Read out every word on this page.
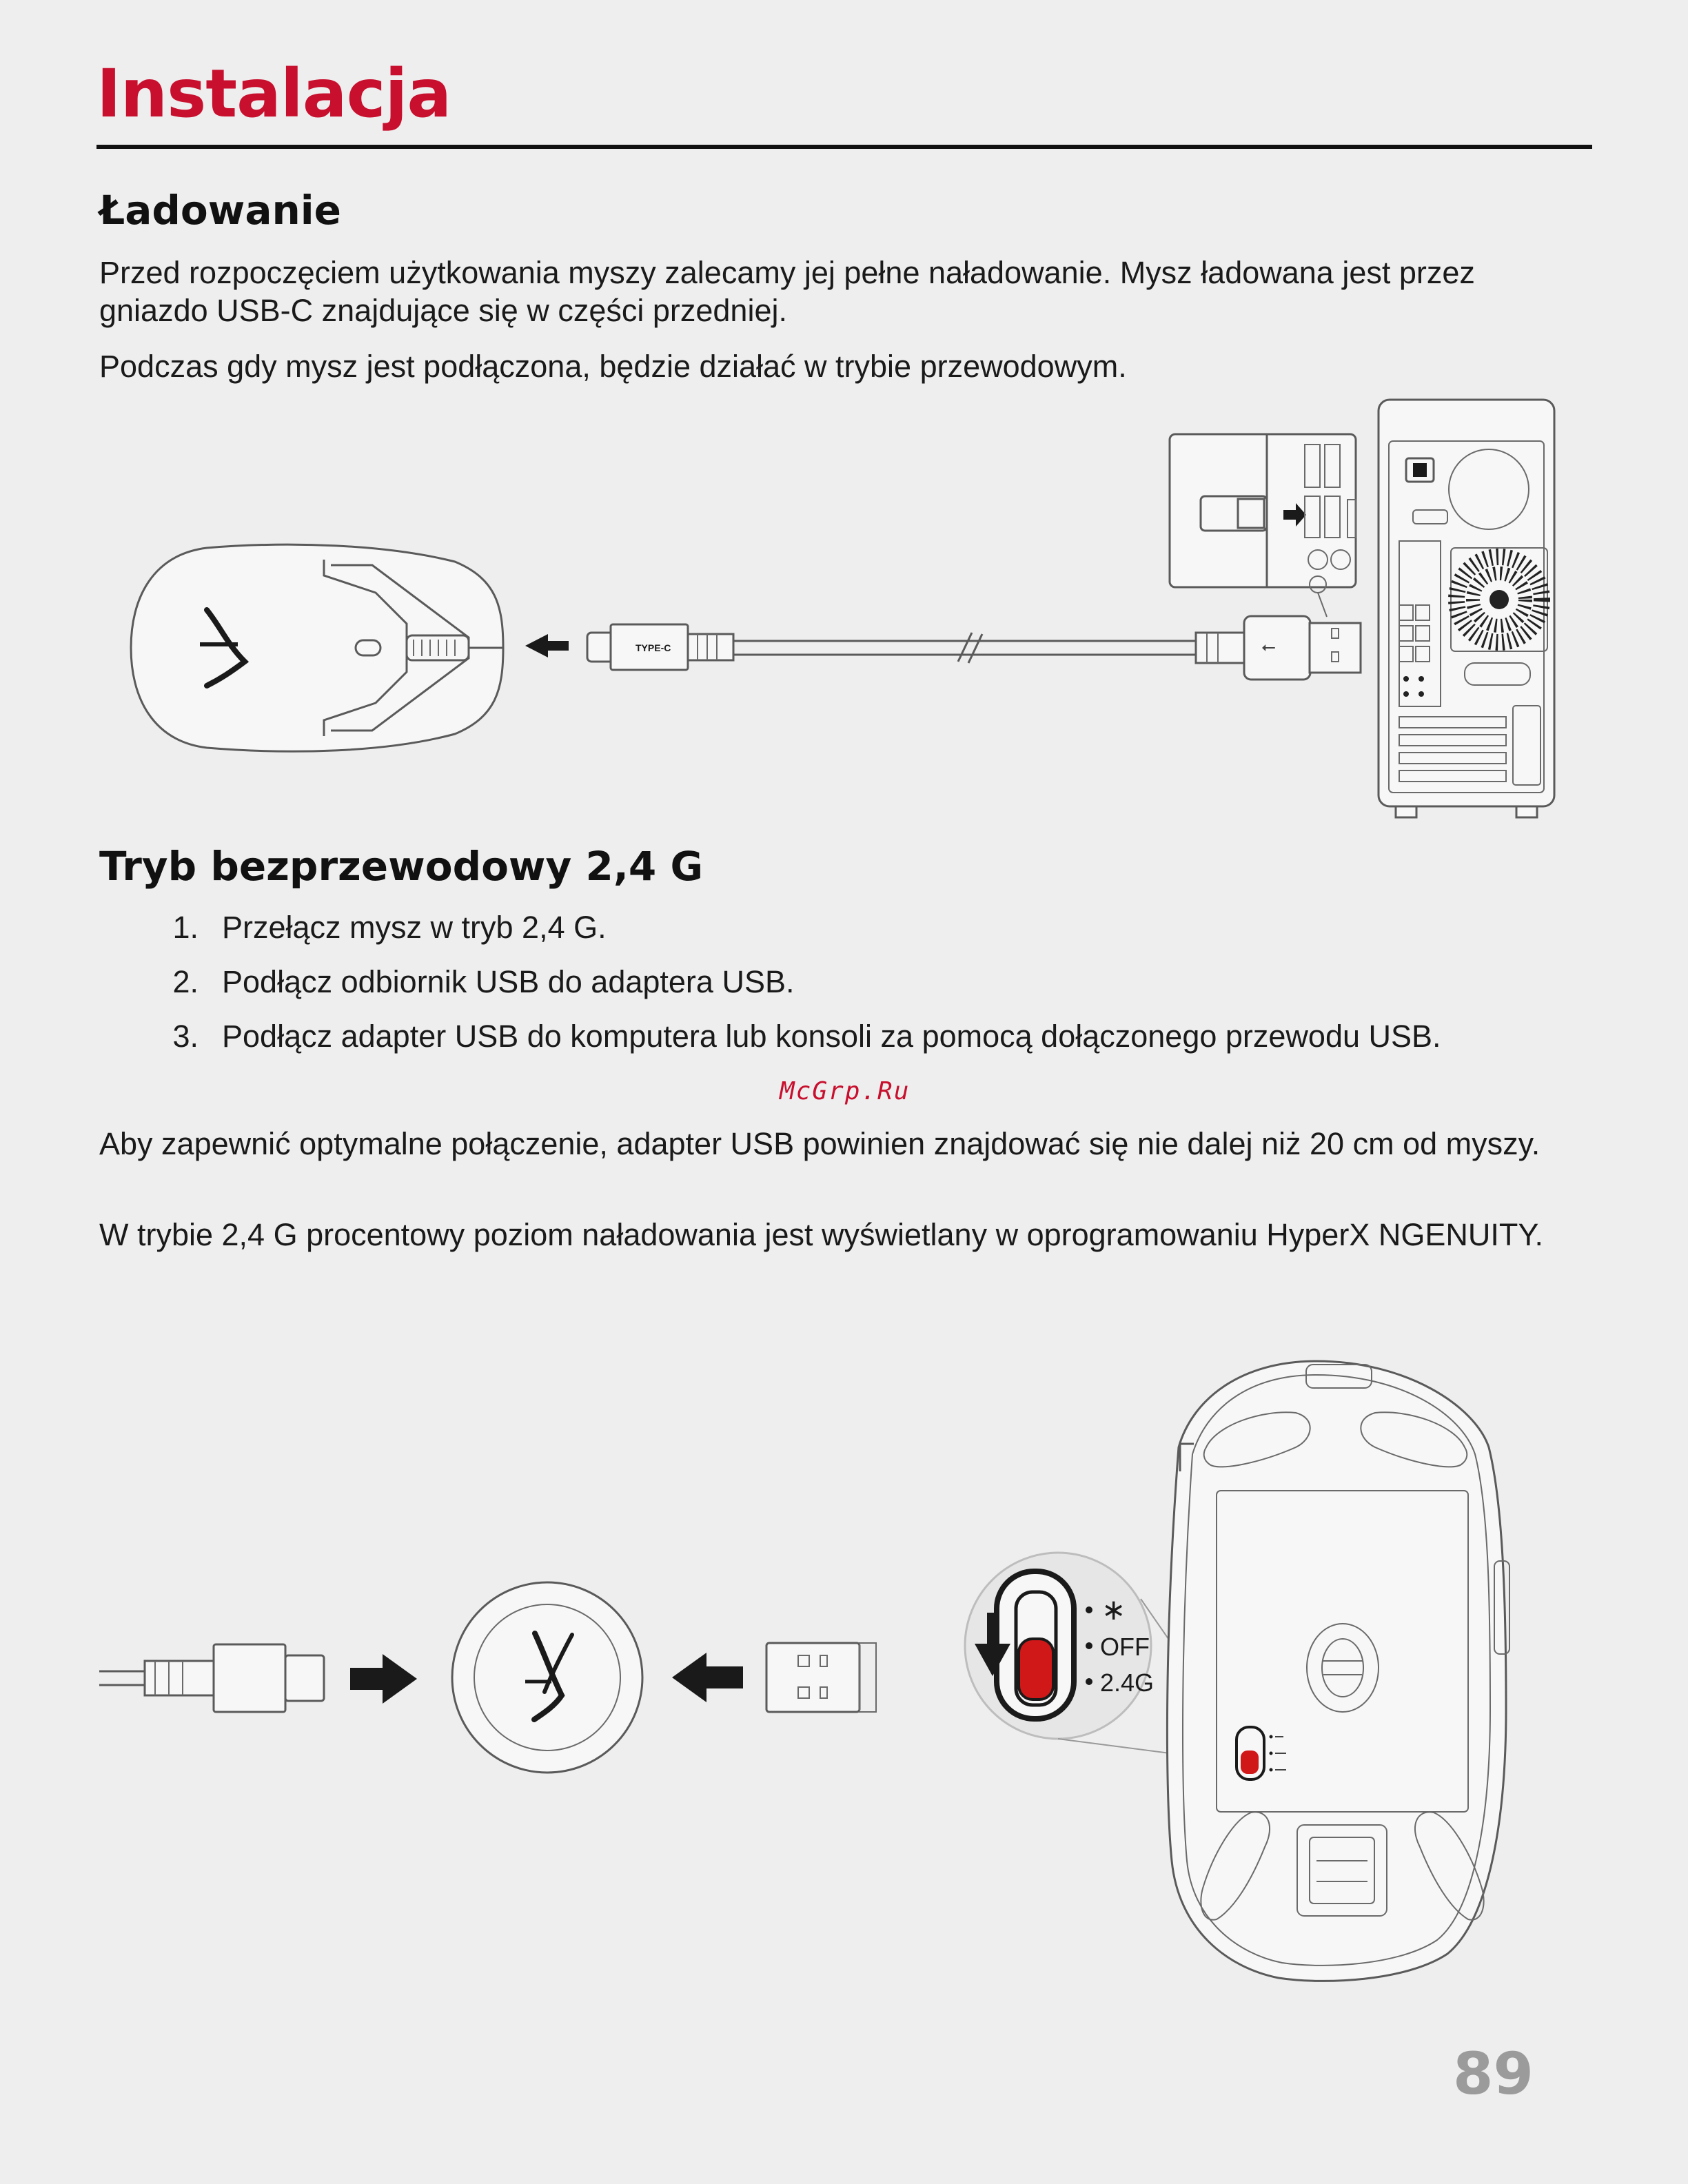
Instalacja
Ładowanie

Przed rozpoczęciem użytkowania myszy zalecamy jej pełne naładowanie. Mysz ładowana jest przez gniazdo USB-C znajdujące się w części przedniej.

Podczas gdy mysz jest podłączona, będzie działać w trybie przewodowym.

TYPE-C	⭠
Tryb bezprzewodowy 2,4 G
1. Przełącz mysz w tryb 2,4 G.
2. Podłącz odbiornik USB do adaptera USB.
3. Podłącz adapter USB do komputera lub konsoli za pomocą dołączonego przewodu USB.
McGrp.Ru

Aby zapewnić optymalne połączenie, adapter USB powinien znajdować się nie dalej niż 20 cm od myszy.

W trybie 2,4 G procentowy poziom naładowania jest wyświetlany w oprogramowaniu HyperX NGENUITY.

∗
OFF
2.4G
89
